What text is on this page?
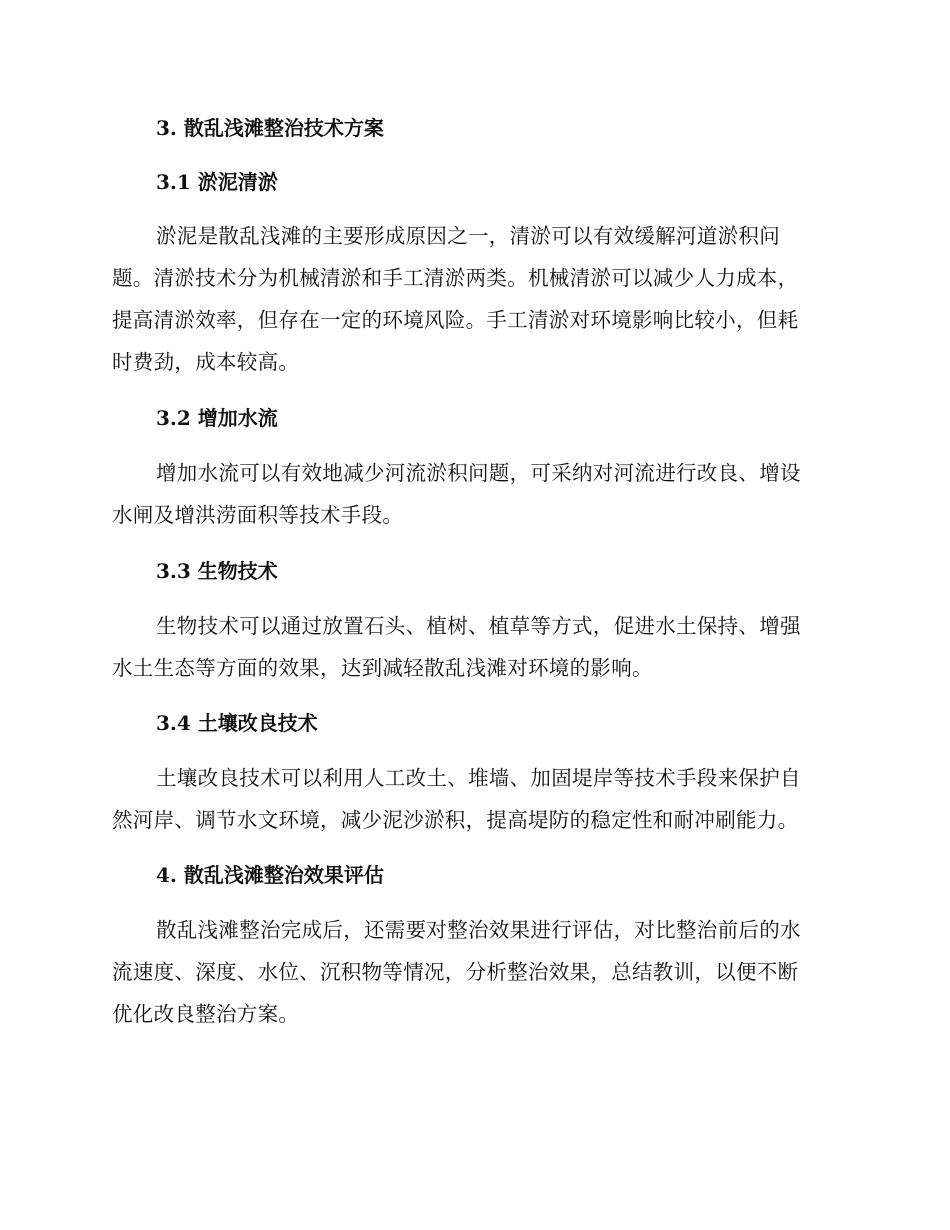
3. 散乱浅滩整治技术方案
3.1 淤泥清淤

淤泥是散乱浅滩的主要形成原因之一，清淤可以有效缓解河道淤积问
题。清淤技术分为机械清淤和手工清淤两类。机械清淤可以减少人力成本，
提高清淤效率，但存在一定的环境风险。手工清淤对环境影响比较小，但耗
时费劲，成本较高。

3.2 增加水流

增加水流可以有效地减少河流淤积问题，可采纳对河流进行改良、增设
水闸及增洪涝面积等技术手段。

3.3 生物技术

生物技术可以通过放置石头、植树、植草等方式，促进水土保持、增强
水土生态等方面的效果，达到减轻散乱浅滩对环境的影响。

3.4 土壤改良技术

土壤改良技术可以利用人工改土、堆墙、加固堤岸等技术手段来保护自
然河岸、调节水文环境，减少泥沙淤积，提高堤防的稳定性和耐冲刷能力。

4. 散乱浅滩整治效果评估

散乱浅滩整治完成后，还需要对整治效果进行评估，对比整治前后的水
流速度、深度、水位、沉积物等情况，分析整治效果，总结教训，以便不断
优化改良整治方案。
